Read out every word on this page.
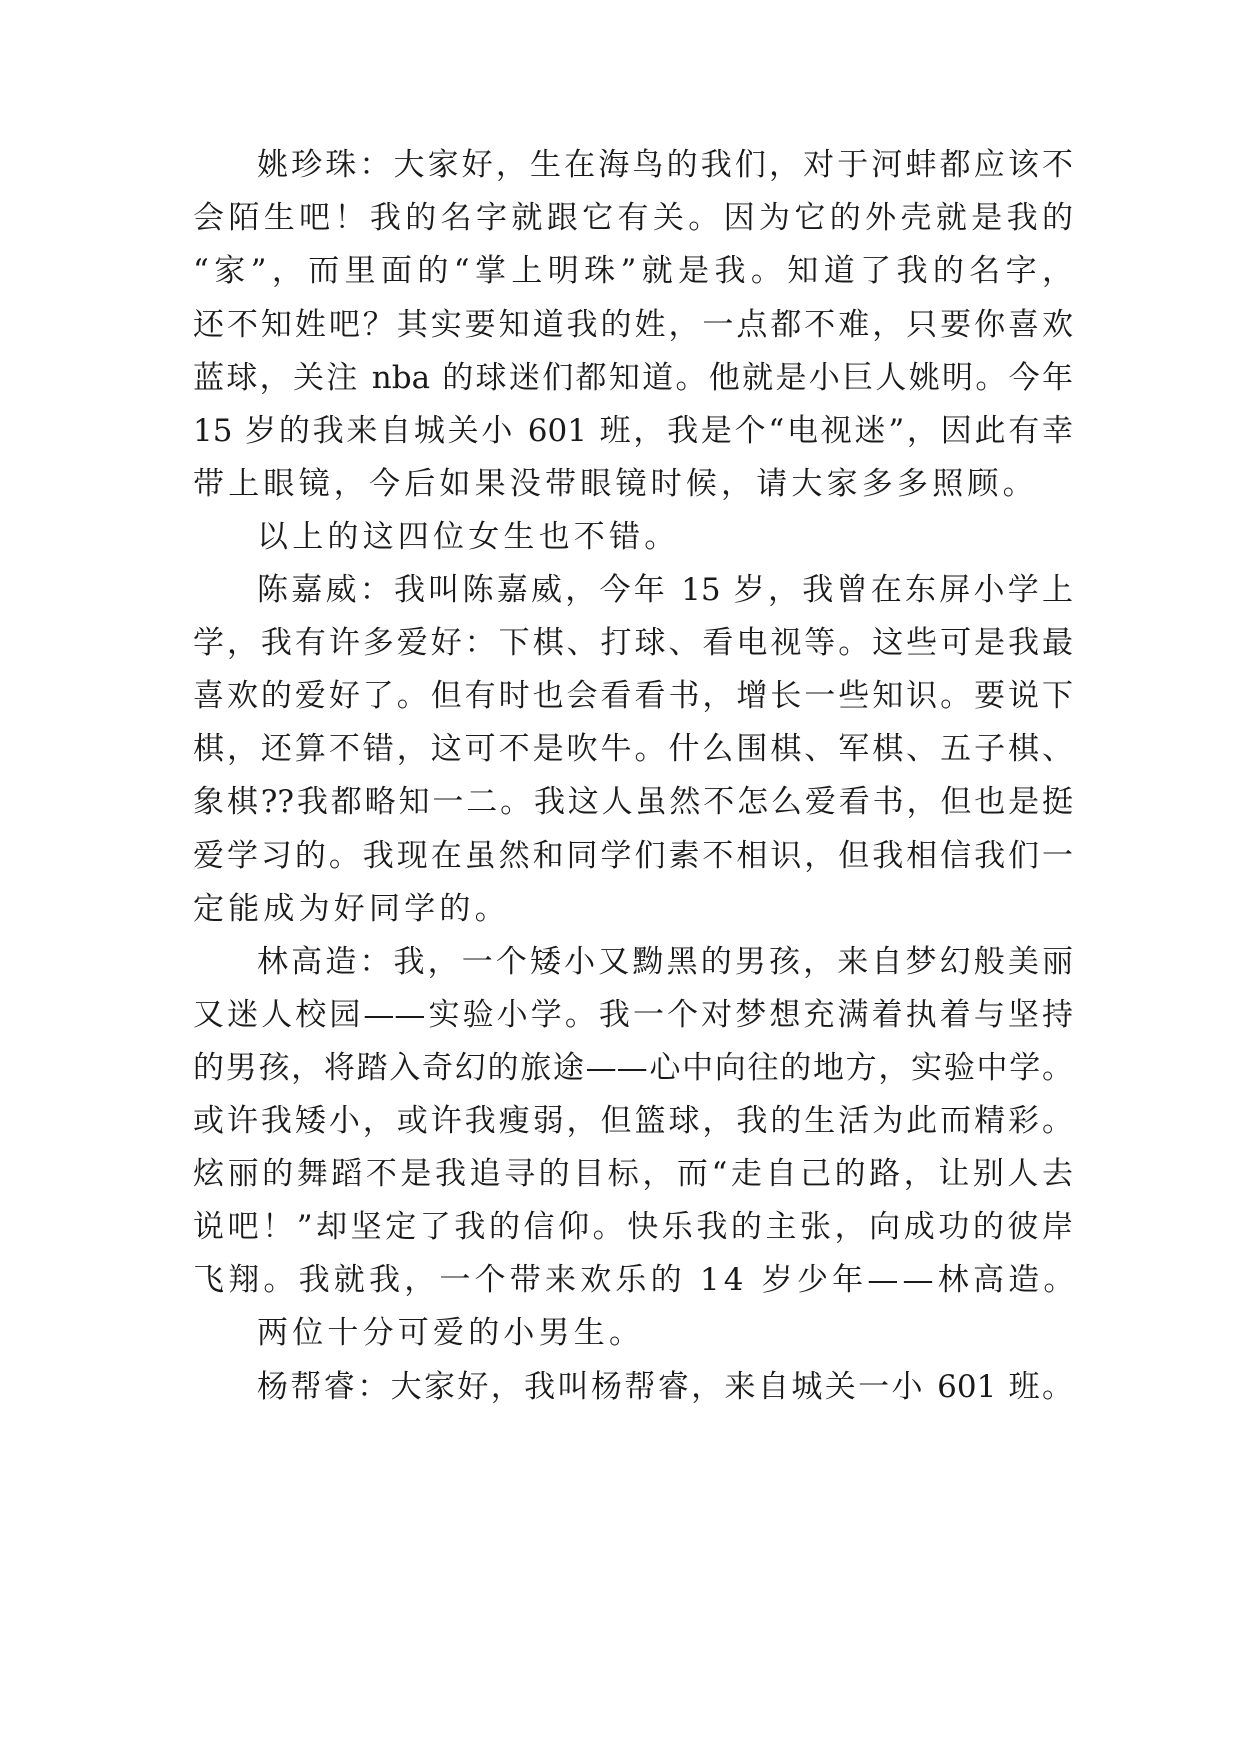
姚珍珠：大家好，生在海鸟的我们，对于河蚌都应该不
会陌生吧！我的名字就跟它有关。因为它的外壳就是我的
“家”，而里面的“掌上明珠”就是我。知道了我的名字，
还不知姓吧？其实要知道我的姓，一点都不难，只要你喜欢
蓝球，关注 nba 的球迷们都知道。他就是小巨人姚明。今年
15 岁的我来自城关小 601 班，我是个“电视迷”，因此有幸
带上眼镜，今后如果没带眼镜时候，请大家多多照顾。
以上的这四位女生也不错。
陈嘉威：我叫陈嘉威，今年 15 岁，我曾在东屏小学上
学，我有许多爱好：下棋、打球、看电视等。这些可是我最
喜欢的爱好了。但有时也会看看书，增长一些知识。要说下
棋，还算不错，这可不是吹牛。什么围棋、军棋、五子棋、
象棋??我都略知一二。我这人虽然不怎么爱看书，但也是挺
爱学习的。我现在虽然和同学们素不相识，但我相信我们一
定能成为好同学的。
林高造：我，一个矮小又黝黑的男孩，来自梦幻般美丽
又迷人校园——实验小学。我一个对梦想充满着执着与坚持
的男孩，将踏入奇幻的旅途——心中向往的地方，实验中学。
或许我矮小，或许我瘦弱，但篮球，我的生活为此而精彩。
炫丽的舞蹈不是我追寻的目标，而“走自己的路，让别人去
说吧！”却坚定了我的信仰。快乐我的主张，向成功的彼岸
飞翔。我就我，一个带来欢乐的 14 岁少年——林高造。
两位十分可爱的小男生。
杨帮睿：大家好，我叫杨帮睿，来自城关一小 601 班。
